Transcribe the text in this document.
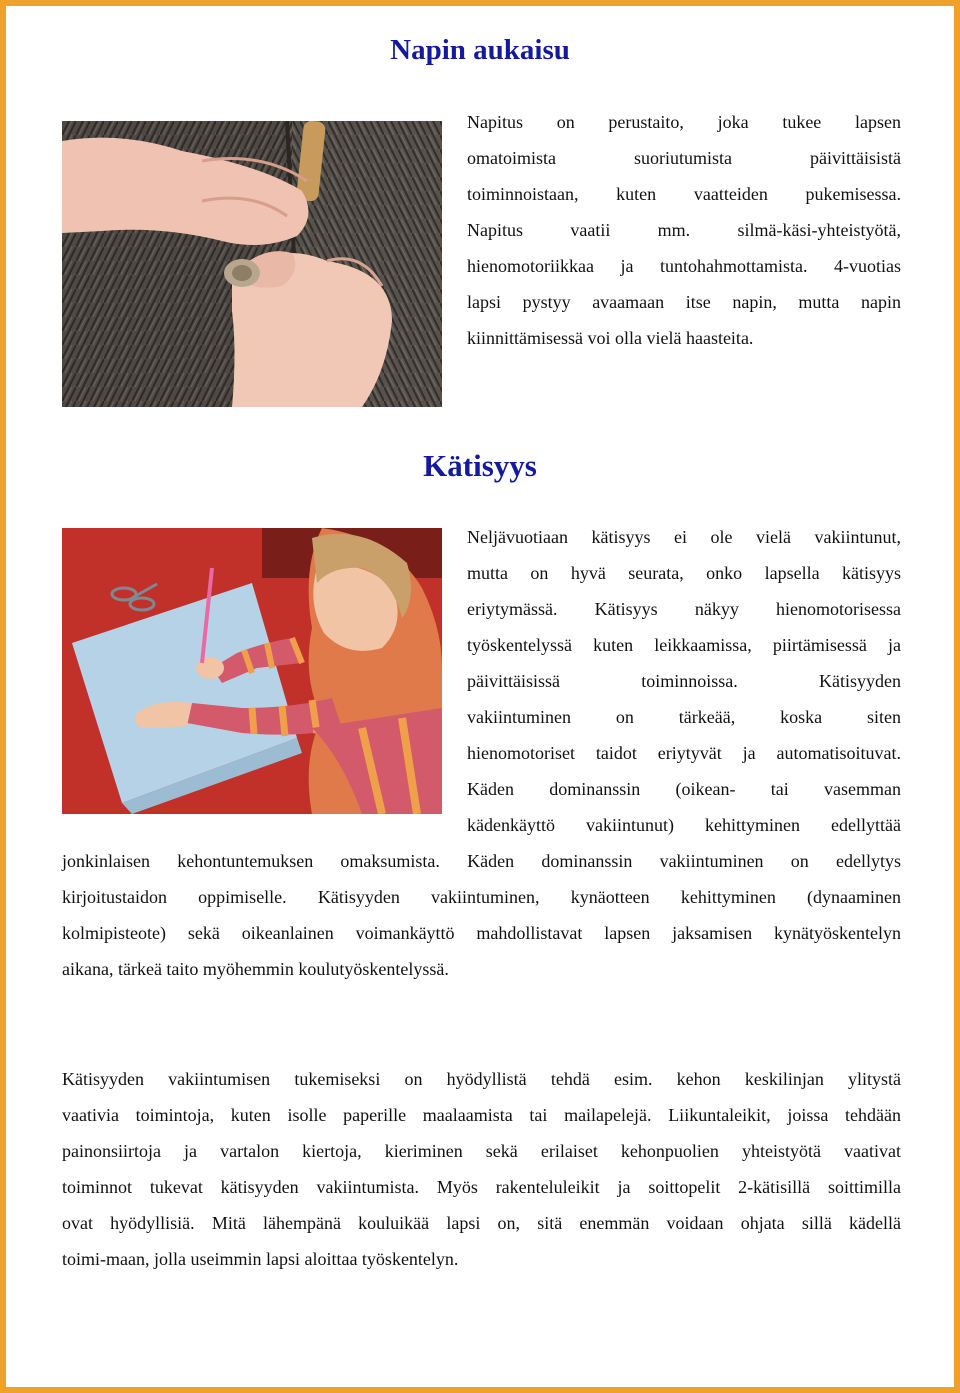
Napin aukaisu

Napitus on perustaito, joka tukee lapsen
omatoimista suoriutumista päivittäisistä
toiminnoistaan, kuten vaatteiden pukemisessa.
Napitus vaatii mm. silmä-käsi-yhteistyötä,
hienomotoriikkaa ja tuntohahmottamista. 4-vuotias
lapsi pystyy avaamaan itse napin, mutta napin
kiinnittämisessä voi olla vielä haasteita.

Kätisyys

Neljävuotiaan kätisyys ei ole vielä vakiintunut,
mutta on hyvä seurata, onko lapsella kätisyys
eriytymässä. Kätisyys näkyy hienomotorisessa
työskentelyssä kuten leikkaamissa, piirtämisessä ja
päivittäisissä toiminnoissa. Kätisyyden
vakiintuminen on tärkeää, koska siten
hienomotoriset taidot eriytyvät ja automatisoituvat.
Käden dominanssin (oikean- tai vasemman
kädenkäyttö vakiintunut) kehittyminen edellyttää

jonkinlaisen kehontuntemuksen omaksumista. Käden dominanssin vakiintuminen on edellytys
kirjoitustaidon oppimiselle. Kätisyyden vakiintuminen, kynäotteen kehittyminen (dynaaminen
kolmipisteote) sekä oikeanlainen voimankäyttö mahdollistavat lapsen jaksamisen kynätyöskentelyn
aikana, tärkeä taito myöhemmin koulutyöskentelyssä.

Kätisyyden vakiintumisen tukemiseksi on hyödyllistä tehdä esim. kehon keskilinjan ylitystä
vaativia toimintoja, kuten isolle paperille maalaamista tai mailapelejä. Liikuntaleikit, joissa tehdään
painonsiirtoja ja vartalon kiertoja, kieriminen sekä erilaiset kehonpuolien yhteistyötä vaativat
toiminnot tukevat kätisyyden vakiintumista. Myös rakenteluleikit ja soittopelit 2-kätisillä soittimilla
ovat hyödyllisiä. Mitä lähempänä kouluikää lapsi on, sitä enemmän voidaan ohjata sillä kädellä
toimi-maan, jolla useimmin lapsi aloittaa työskentelyn.
